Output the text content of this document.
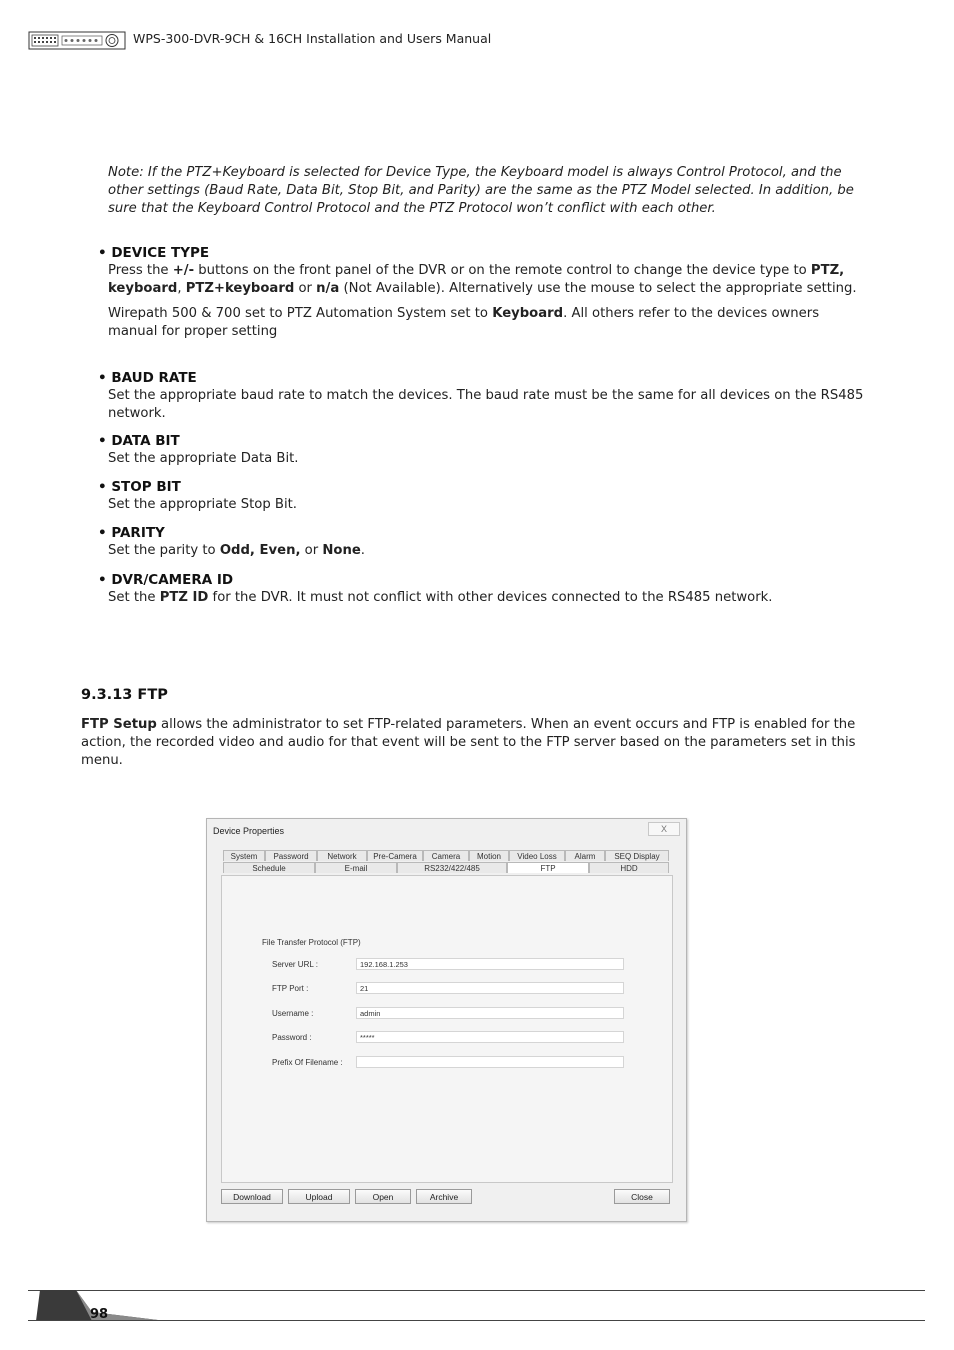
WPS-300-DVR-9CH & 16CH Installation and Users Manual
Note: If the PTZ+Keyboard is selected for Device Type, the Keyboard model is always Control Protocol, and the other settings (Baud Rate, Data Bit, Stop Bit, and Parity) are the same as the PTZ Model selected. In addition, be sure that the Keyboard Control Protocol and the PTZ Protocol won’t conflict with each other.
• DEVICE TYPE

Press the +/- buttons on the front panel of the DVR or on the remote control to change the device type to PTZ, keyboard, PTZ+keyboard or n/a (Not Available). Alternatively use the mouse to select the appropriate setting.

Wirepath 500 & 700 set to PTZ Automation System set to Keyboard. All others refer to the devices owners manual for proper setting

• BAUD RATE

Set the appropriate baud rate to match the devices. The baud rate must be the same for all devices on the RS485 network.

• DATA BIT

Set the appropriate Data Bit.

• STOP BIT

Set the appropriate Stop Bit.

• PARITY

Set the parity to Odd, Even, or None.

• DVR/CAMERA ID

Set the PTZ ID for the DVR. It must not conflict with other devices connected to the RS485 network.

9.3.13 FTP
FTP Setup allows the administrator to set FTP-related parameters. When an event occurs and FTP is enabled for the action, the recorded video and audio for that event will be sent to the FTP server based on the parameters set in this menu.
Device Properties	X
System	Password	Network	Pre-Camera	Camera	Motion	Video Loss	Alarm	SEQ Display
Schedule	E-mail	RS232/422/485	FTP	HDD
File Transfer Protocol (FTP)
Server URL :	192.168.1.253
FTP Port :	21
Username :	admin
Password :	*****
Prefix Of Filename :
Download	Upload	Open	Archive	Close
98
